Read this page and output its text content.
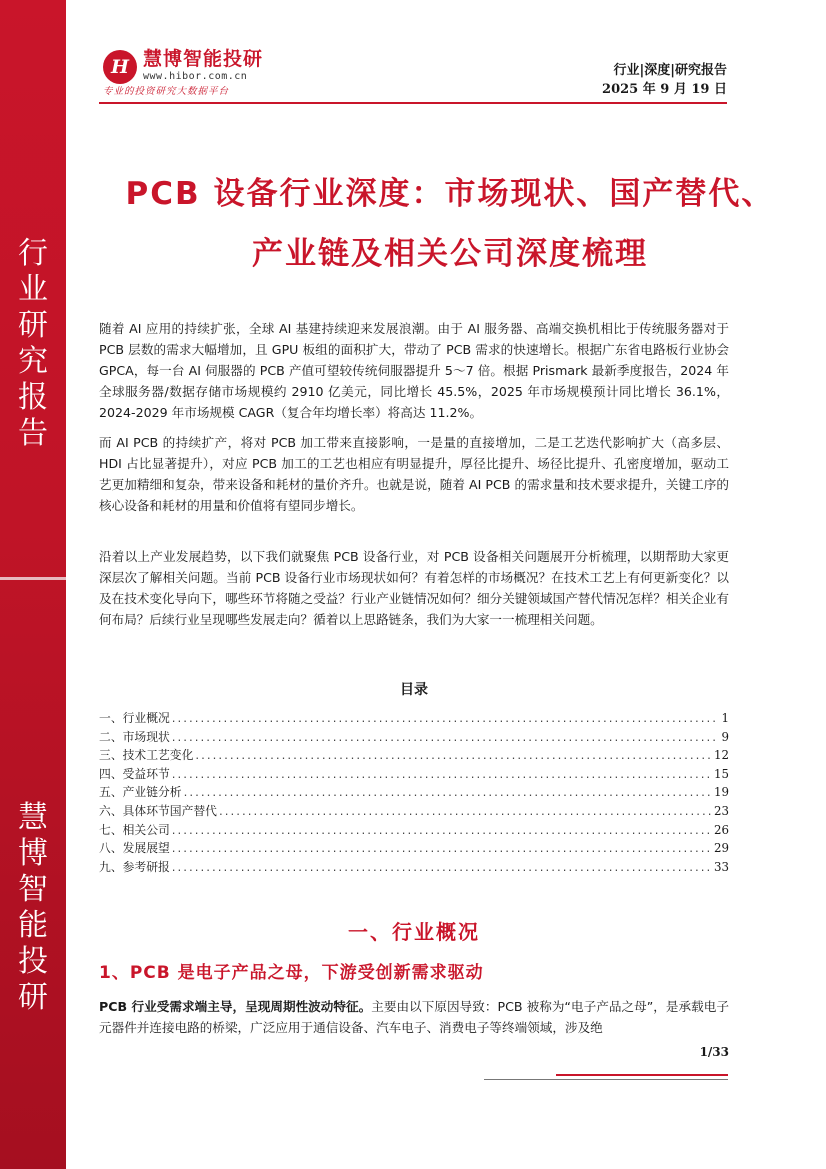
行
业
研
究
报
告
慧
博
智
能
投
研
H 慧博智能投研
www.hibor.com.cn
专业的投资研究大数据平台
行业|深度|研究报告
2025 年 9 月 19 日
PCB 设备行业深度：市场现状、国产替代、
产业链及相关公司深度梳理

随着 AI 应用的持续扩张，全球 AI 基建持续迎来发展浪潮。由于 AI 服务器、高端交换机相比于传统服务器对于 PCB 层数的需求大幅增加，且 GPU 板组的面积扩大，带动了 PCB 需求的快速增长。根据广东省电路板行业协会 GPCA，每一台 AI 伺服器的 PCB 产值可望较传统伺服器提升 5～7 倍。根据 Prismark 最新季度报告，2024 年全球服务器/数据存储市场规模约 2910 亿美元，同比增长 45.5%，2025 年市场规模预计同比增长 36.1%，2024-2029 年市场规模 CAGR（复合年均增长率）将高达 11.2%。

而 AI PCB 的持续扩产，将对 PCB 加工带来直接影响，一是量的直接增加，二是工艺迭代影响扩大（高多层、HDI 占比显著提升），对应 PCB 加工的工艺也相应有明显提升，厚径比提升、场径比提升、孔密度增加，驱动工艺更加精细和复杂，带来设备和耗材的量价齐升。也就是说，随着 AI PCB 的需求量和技术要求提升，关键工序的核心设备和耗材的用量和价值将有望同步增长。

沿着以上产业发展趋势，以下我们就聚焦 PCB 设备行业，对 PCB 设备相关问题展开分析梳理，以期帮助大家更深层次了解相关问题。当前 PCB 设备行业市场现状如何？有着怎样的市场概况？在技术工艺上有何更新变化？以及在技术变化导向下，哪些环节将随之受益？行业产业链情况如何？细分关键领域国产替代情况怎样？相关企业有何布局？后续行业呈现哪些发展走向？循着以上思路链条，我们为大家一一梳理相关问题。

目录
一、行业概况 .....	1
二、市场现状 .....	9
三、技术工艺变化 .....	12
四、受益环节 .....	15
五、产业链分析 .....	19
六、具体环节国产替代 .....	23
七、相关公司 .....	26
八、发展展望 .....	29
九、参考研报 .....	33
一、行业概况
1、PCB 是电子产品之母，下游受创新需求驱动

PCB 行业受需求端主导，呈现周期性波动特征。主要由以下原因导致：PCB 被称为“电子产品之母”，是承载电子元器件并连接电路的桥梁，广泛应用于通信设备、汽车电子、消费电子等终端领域，涉及绝

1/33
